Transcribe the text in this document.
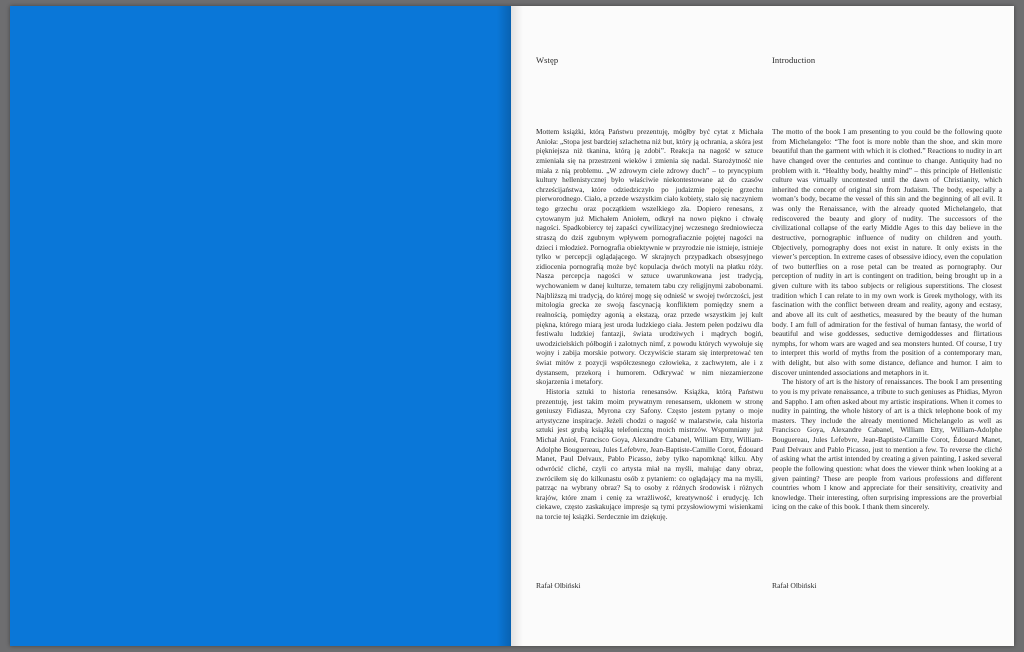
Wstęp

Mottem książki, którą Państwu prezentuję, mógłby być cytat z Michała Anioła: „Stopa jest bardziej szlachetna niż but, który ją ochrania, a skóra jest piękniejsza niż tkanina, którą ją zdobi”. Reakcja na nagość w sztuce zmieniała się na przestrzeni wieków i zmienia się nadal. Starożytność nie miała z nią problemu. „W zdrowym ciele zdrowy duch” – to pryncypium kultury hellenistycznej było właściwie niekontestowane aż do czasów chrześcijaństwa, które odziedziczyło po judaizmie pojęcie grzechu pierworodnego. Ciało, a przede wszystkim ciało kobiety, stało się naczyniem tego grzechu oraz początkiem wszelkiego zła. Dopiero renesans, z cytowanym już Michałem Aniołem, odkrył na nowo piękno i chwałę nagości. Spadkobiercy tej zapaści cywilizacyjnej wczesnego średniowiecza straszą do dziś zgubnym wpływem pornografiacznie pojętej nagości na dzieci i młodzież. Pornografia obiektywnie w przyrodzie nie istnieje, istnieje tylko w percepcji oglądającego. W skrajnych przypadkach obsesyjnego zidiocenia pornografią może być kopulacja dwóch motyli na płatku róży. Nasza percepcja nagości w sztuce uwarunkowana jest tradycją, wychowaniem w danej kulturze, tematem tabu czy religijnymi zabobonami. Najbliższą mi tradycją, do której mogę się odnieść w swojej twórczości, jest mitologia grecka ze swoją fascynacją konfliktem pomiędzy snem a realnością, pomiędzy agonią a ekstazą, oraz przede wszystkim jej kult piękna, którego miarą jest uroda ludzkiego ciała. Jestem pełen podziwu dla festiwalu ludzkiej fantazji, świata urodziwych i mądrych bogiń, uwodzicielskich półbogiń i zalotnych nimf, z powodu których wywołuje się wojny i zabija morskie potwory. Oczywiście staram się interpretować ten świat mitów z pozycji współczesnego człowieka, z zachwytem, ale i z dystansem, przekorą i humorem. Odkrywać w nim niezamierzone skojarzenia i metafory.

Historia sztuki to historia renesansów. Książka, którą Państwu prezentuję, jest takim moim prywatnym renesansem, ukłonem w stronę geniuszy Fidiasza, Myrona czy Safony. Często jestem pytany o moje artystyczne inspiracje. Jeżeli chodzi o nagość w malarstwie, cała historia sztuki jest grubą książką telefoniczną moich mistrzów. Wspomniany już Michał Anioł, Francisco Goya, Alexandre Cabanel, William Etty, William-Adolphe Bouguereau, Jules Lefebvre, Jean-Baptiste-Camille Corot, Édouard Manet, Paul Delvaux, Pablo Picasso, żeby tylko napomknąć kilku. Aby odwrócić cliché, czyli co artysta miał na myśli, malując dany obraz, zwróciłem się do kilkunastu osób z pytaniem: co oglądający ma na myśli, patrząc na wybrany obraz? Są to osoby z różnych środowisk i różnych krajów, które znam i cenię za wrażliwość, kreatywność i erudycję. Ich ciekawe, często zaskakujące impresje są tymi przysłowiowymi wisienkami na torcie tej książki. Serdecznie im dziękuję.

Rafał Olbiński
Introduction

The motto of the book I am presenting to you could be the following quote from Michelangelo: “The foot is more noble than the shoe, and skin more beautiful than the garment with which it is clothed.” Reactions to nudity in art have changed over the centuries and continue to change. Antiquity had no problem with it. “Healthy body, healthy mind” – this principle of Hellenistic culture was virtually uncontested until the dawn of Christianity, which inherited the concept of original sin from Judaism. The body, especially a woman’s body, became the vessel of this sin and the beginning of all evil. It was only the Renaissance, with the already quoted Michelangelo, that rediscovered the beauty and glory of nudity. The successors of the civilizational collapse of the early Middle Ages to this day believe in the destructive, pornographic influence of nudity on children and youth. Objectively, pornography does not exist in nature. It only exists in the viewer’s perception. In extreme cases of obsessive idiocy, even the copulation of two butterflies on a rose petal can be treated as pornography. Our perception of nudity in art is contingent on tradition, being brought up in a given culture with its taboo subjects or religious superstitions. The closest tradition which I can relate to in my own work is Greek mythology, with its fascination with the conflict between dream and reality, agony and ecstasy, and above all its cult of aesthetics, measured by the beauty of the human body. I am full of admiration for the festival of human fantasy, the world of beautiful and wise goddesses, seductive demigoddesses and flirtatious nymphs, for whom wars are waged and sea monsters hunted. Of course, I try to interpret this world of myths from the position of a contemporary man, with delight, but also with some distance, defiance and humor. I aim to discover unintended associations and metaphors in it.

The history of art is the history of renaissances. The book I am presenting to you is my private renaissance, a tribute to such geniuses as Phidias, Myron and Sappho. I am often asked about my artistic inspirations. When it comes to nudity in painting, the whole history of art is a thick telephone book of my masters. They include the already mentioned Michelangelo as well as Francisco Goya, Alexandre Cabanel, William Etty, William-Adolphe Bouguereau, Jules Lefebvre, Jean-Baptiste-Camille Corot, Édouard Manet, Paul Delvaux and Pablo Picasso, just to mention a few. To reverse the cliché of asking what the artist intended by creating a given painting, I asked several people the following question: what does the viewer think when looking at a given painting? These are people from various professions and different countries whom I know and appreciate for their sensitivity, creativity and knowledge. Their interesting, often surprising impressions are the proverbial icing on the cake of this book. I thank them sincerely.

Rafał Olbiński
